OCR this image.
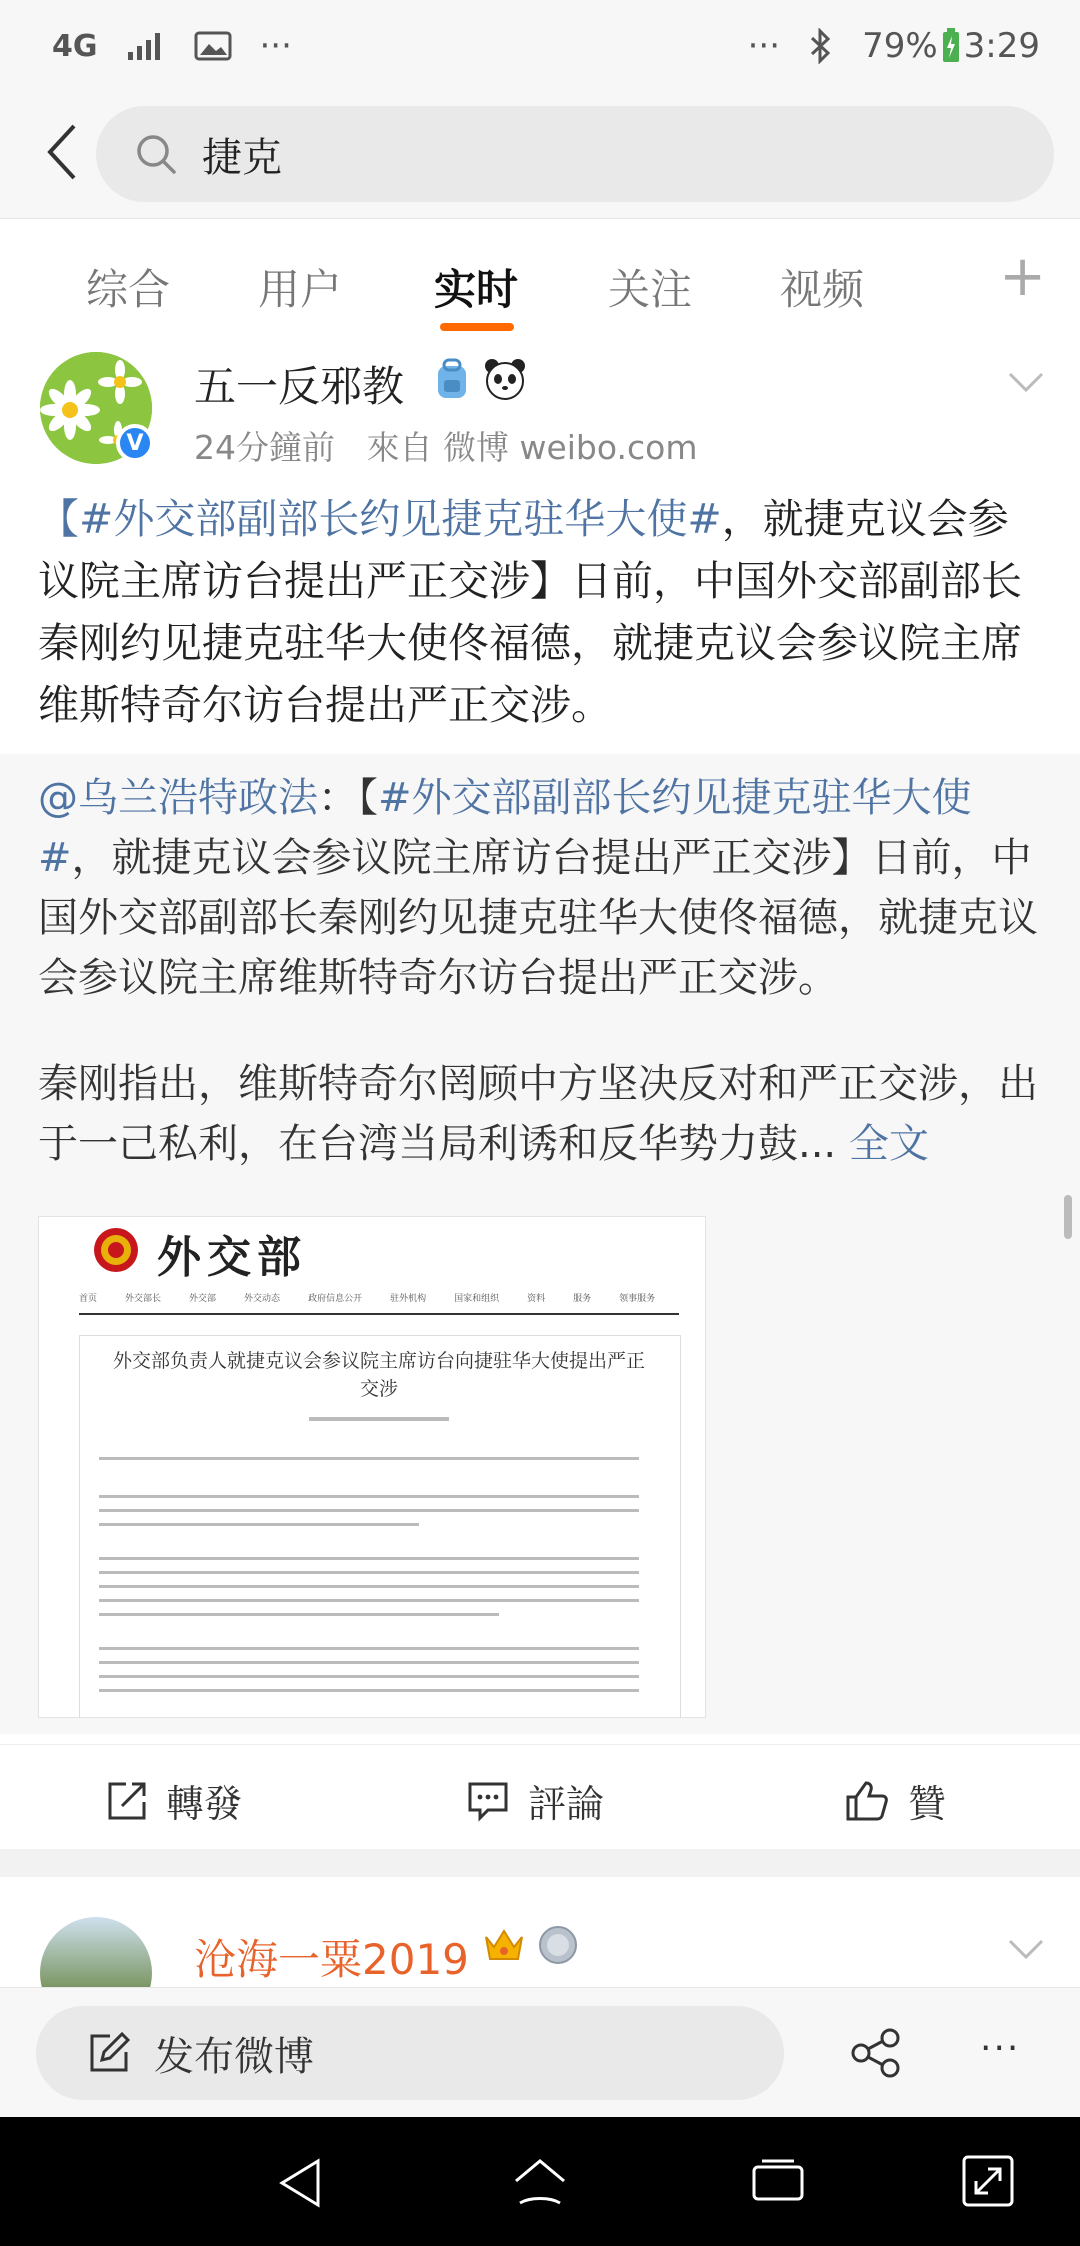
4G	···	··· 79% 3:29
捷克
综合 用户 实时 关注 视频 +
V
五一反邪教
24分鐘前 來自 微博 weibo.com
【#外交部副部长约见捷克驻华大使#，就捷克议会参议院主席访台提出严正交涉】日前，中国外交部副部长秦刚约见捷克驻华大使佟福德，就捷克议会参议院主席维斯特奇尔访台提出严正交涉。
@乌兰浩特政法：【#外交部副部长约见捷克驻华大使#，就捷克议会参议院主席访台提出严正交涉】日前，中国外交部副部长秦刚约见捷克驻华大使佟福德，就捷克议会参议院主席维斯特奇尔访台提出严正交涉。
秦刚指出，维斯特奇尔罔顾中方坚决反对和严正交涉，出于一己私利，在台湾当局利诱和反华势力鼓... 全文
外交部
首页	外交部长	外交部	外交动态	政府信息公开	驻外机构	国家和组织	资料	服务	领事服务
外交部负责人就捷克议会参议院主席访台向捷驻华大使提出严正交涉
轉發	評論	贊
沧海一粟2019
发布微博	···
